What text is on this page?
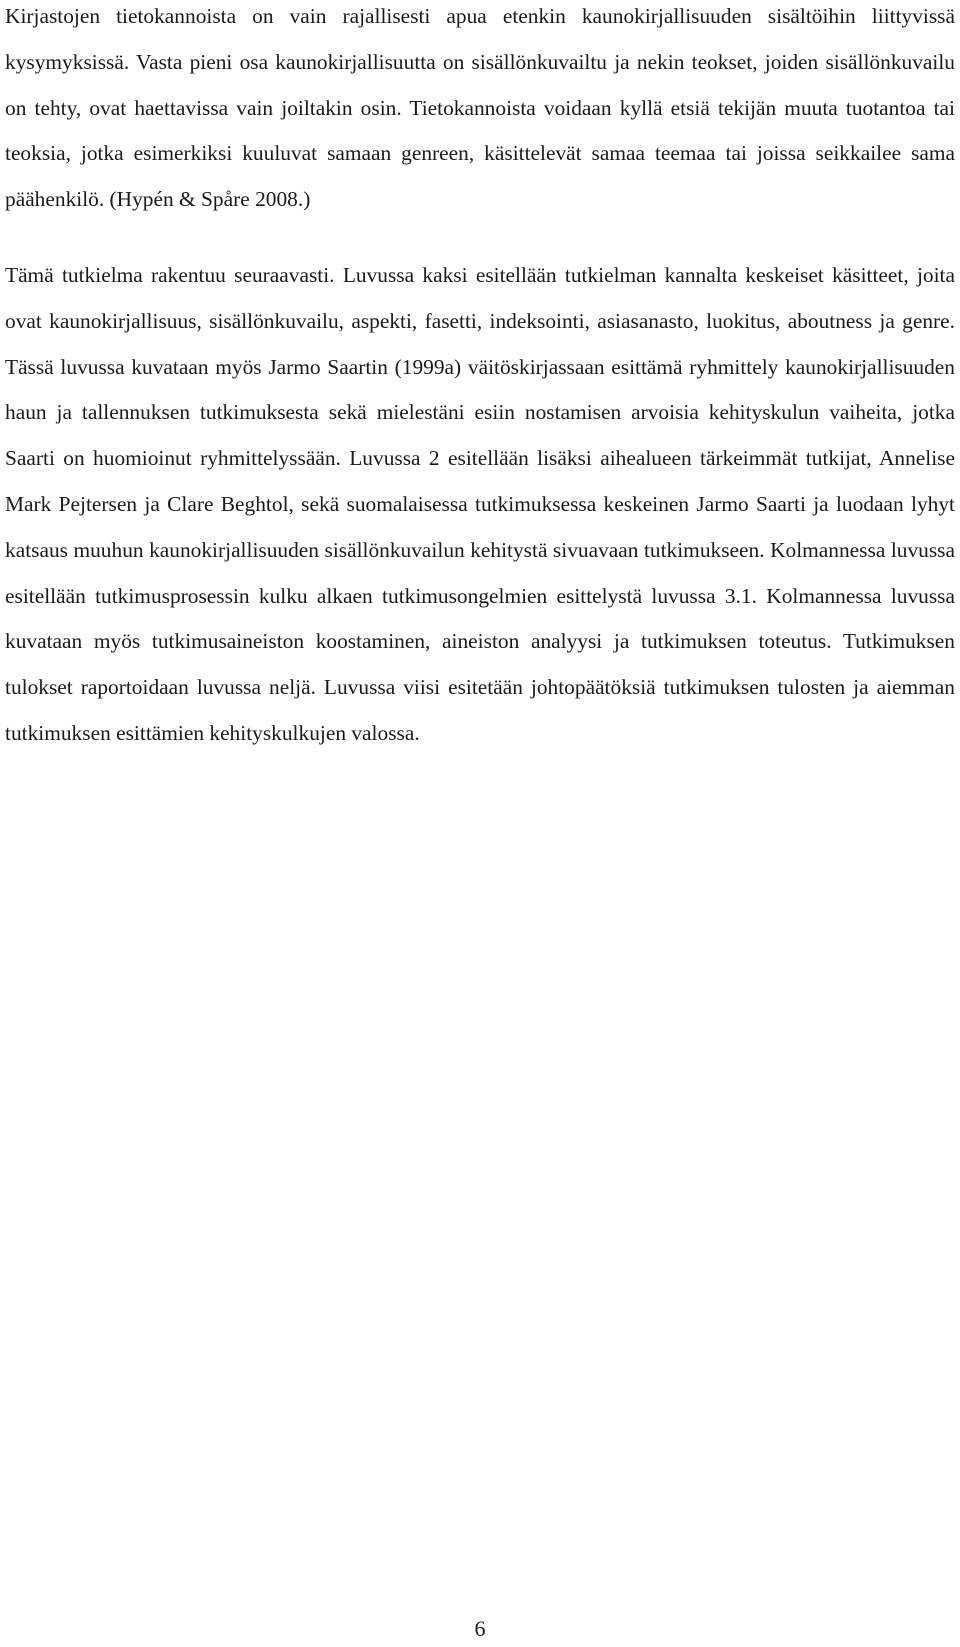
Kirjastojen tietokannoista on vain rajallisesti apua etenkin kaunokirjallisuuden sisältöihin liittyvissä kysymyksissä. Vasta pieni osa kaunokirjallisuutta on sisällönkuvailtu ja nekin teokset, joiden sisällönkuvailu on tehty, ovat haettavissa vain joiltakin osin. Tietokannoista voidaan kyllä etsiä tekijän muuta tuotantoa tai teoksia, jotka esimerkiksi kuuluvat samaan genreen, käsittelevät samaa teemaa tai joissa seikkailee sama päähenkilö. (Hypén & Spåre 2008.)

Tämä tutkielma rakentuu seuraavasti. Luvussa kaksi esitellään tutkielman kannalta keskeiset käsitteet, joita ovat kaunokirjallisuus, sisällönkuvailu, aspekti, fasetti, indeksointi, asiasanasto, luokitus, aboutness ja genre. Tässä luvussa kuvataan myös Jarmo Saartin (1999a) väitöskirjassaan esittämä ryhmittely kaunokirjallisuuden haun ja tallennuksen tutkimuksesta sekä mielestäni esiin nostamisen arvoisia kehityskulun vaiheita, jotka Saarti on huomioinut ryhmittelyssään. Luvussa 2 esitellään lisäksi aihealueen tärkeimmät tutkijat, Annelise Mark Pejtersen ja Clare Beghtol, sekä suomalaisessa tutkimuksessa keskeinen Jarmo Saarti ja luodaan lyhyt katsaus muuhun kaunokirjallisuuden sisällönkuvailun kehitystä sivuavaan tutkimukseen. Kolmannessa luvussa esitellään tutkimusprosessin kulku alkaen tutkimusongelmien esittelystä luvussa 3.1. Kolmannessa luvussa kuvataan myös tutkimusaineiston koostaminen, aineiston analyysi ja tutkimuksen toteutus. Tutkimuksen tulokset raportoidaan luvussa neljä. Luvussa viisi esitetään johtopäätöksiä tutkimuksen tulosten ja aiemman tutkimuksen esittämien kehityskulkujen valossa.

6
